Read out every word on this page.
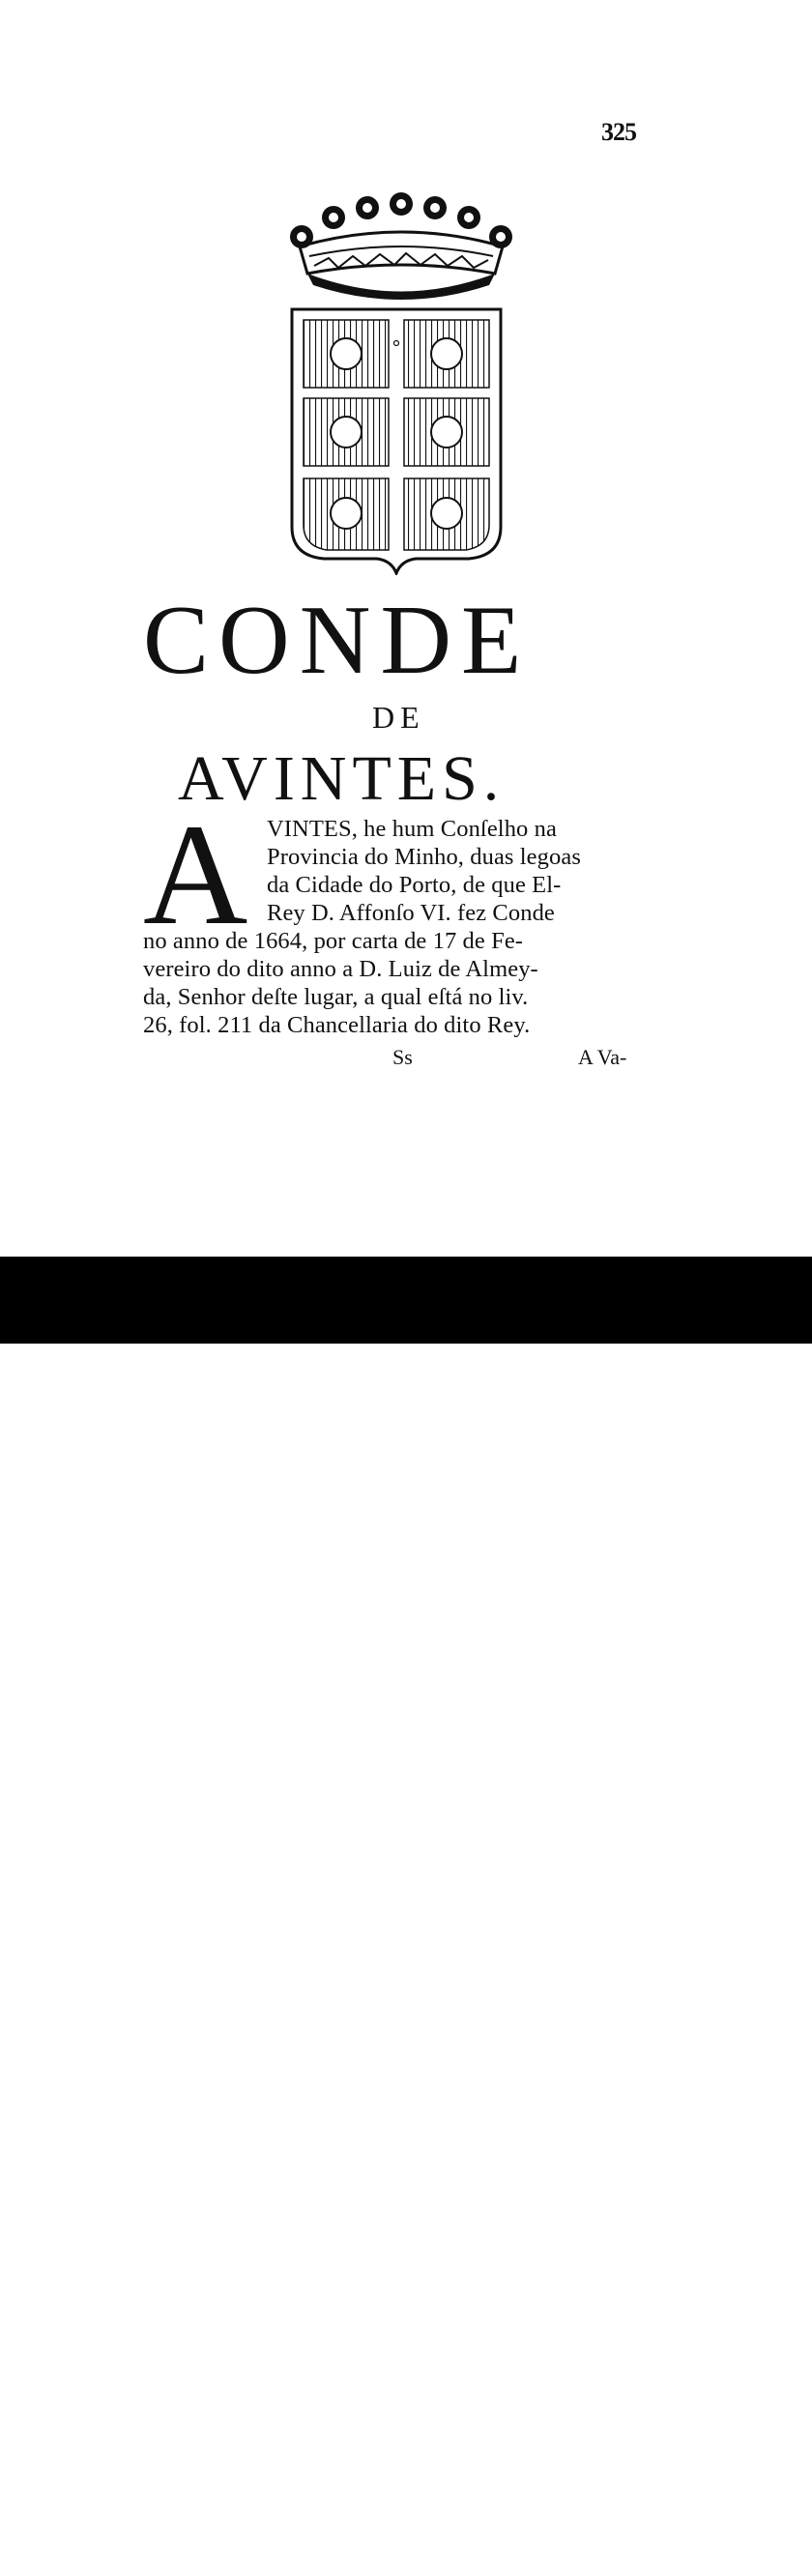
325
CONDE
DE
AVINTES.
A VINTES, he hum Conſelho na
Provincia do Minho, duas legoas
da Cidade do Porto, de que El-
Rey D. Affonſo VI. fez Conde
no anno de 1664, por carta de 17 de Fe-
vereiro do dito anno a D. Luiz de Almey-
da, Senhor deſte lugar, a qual eſtá no liv.
26, fol. 211 da Chancellaria do dito Rey.
Ss	A Va-
alamy	HN2A57
www.alamy.com
